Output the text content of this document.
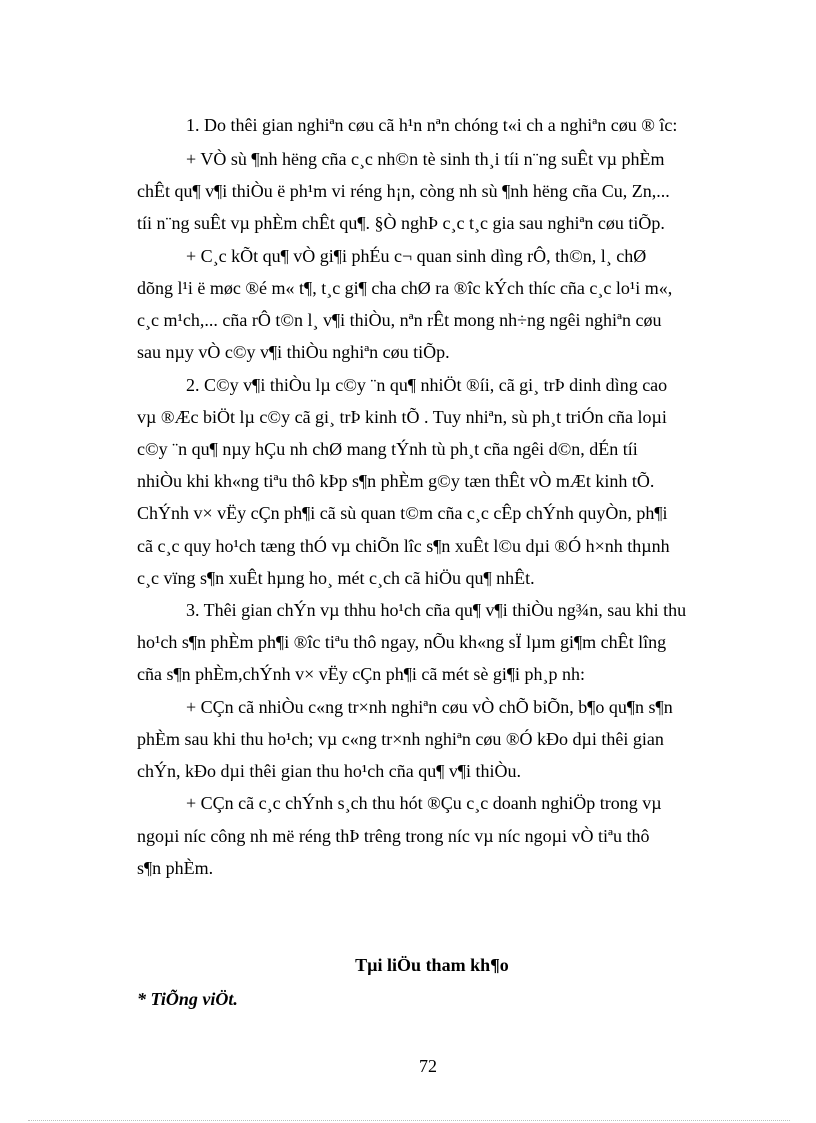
1. Do thêi gian nghiªn cøu cã h¹n nªn chóng t«i ch a nghiªn cøu ® îc:
+ VÒ sù ¶nh hëng cña c¸c nh©n tè sinh th¸i tíi n¨ng suÊt vµ phÈm
chÊt qu¶ v¶i thiÒu ë ph¹m vi réng h¡n, còng nh sù ¶nh hëng cña Cu, Zn,...
tíi n¨ng suÊt vµ phÈm chÊt qu¶. §Ò nghÞ c¸c t¸c gia sau nghiªn cøu tiÕp.
+ C¸c kÕt qu¶ vÒ gi¶i phÉu c¬ quan sinh dìng rÔ, th©n, l¸ chØ
dõng l¹i ë møc ®é m« t¶, t¸c gi¶ cha chØ ra ®îc kÝch thíc cña c¸c lo¹i m«,
c¸c m¹ch,... cña rÔ t©n l¸ v¶i thiÒu, nªn rÊt mong nh÷ng ngêi nghiªn cøu
sau nµy vÒ c©y v¶i thiÒu nghiªn cøu tiÕp.
2. C©y v¶i thiÒu lµ c©y ¨n qu¶ nhiÖt ®íi, cã gi¸ trÞ dinh dìng cao
vµ ®Æc biÖt lµ c©y cã gi¸ trÞ kinh tÕ . Tuy nhiªn, sù ph¸t triÓn cña loµi
c©y ¨n qu¶ nµy hÇu nh chØ mang tÝnh tù ph¸t cña ngêi d©n, dÉn tíi
nhiÒu khi kh«ng tiªu thô kÞp s¶n phÈm g©y tæn thÊt vÒ mÆt kinh tÕ.
ChÝnh v× vËy cÇn ph¶i cã sù quan t©m cña c¸c cÊp chÝnh quyÒn, ph¶i
cã c¸c quy ho¹ch tæng thÓ vµ chiÕn lîc s¶n xuÊt l©u dµi ®Ó h×nh thµnh
c¸c vïng s¶n xuÊt hµng ho¸ mét c¸ch cã hiÖu qu¶ nhÊt.
3. Thêi gian chÝn vµ thhu ho¹ch cña qu¶ v¶i thiÒu ng¾n, sau khi thu
ho¹ch s¶n phÈm ph¶i ®îc tiªu thô ngay, nÕu kh«ng sÏ lµm gi¶m chÊt lîng
cña s¶n phÈm,chÝnh v× vËy cÇn ph¶i cã mét sè gi¶i ph¸p nh:
+ CÇn cã nhiÒu c«ng tr×nh nghiªn cøu vÒ chÕ biÕn, b¶o qu¶n s¶n
phÈm sau khi thu ho¹ch; vµ c«ng tr×nh nghiªn cøu ®Ó kÐo dµi thêi gian
chÝn, kÐo dµi thêi gian thu ho¹ch cña qu¶ v¶i thiÒu.
+ CÇn cã c¸c chÝnh s¸ch thu hót ®Çu c¸c doanh nghiÖp trong vµ
ngoµi níc công nh më réng thÞ trêng trong níc vµ níc ngoµi vÒ tiªu thô
s¶n phÈm.
Tµi liÖu tham kh¶o
* TiÕng viÖt.
72
